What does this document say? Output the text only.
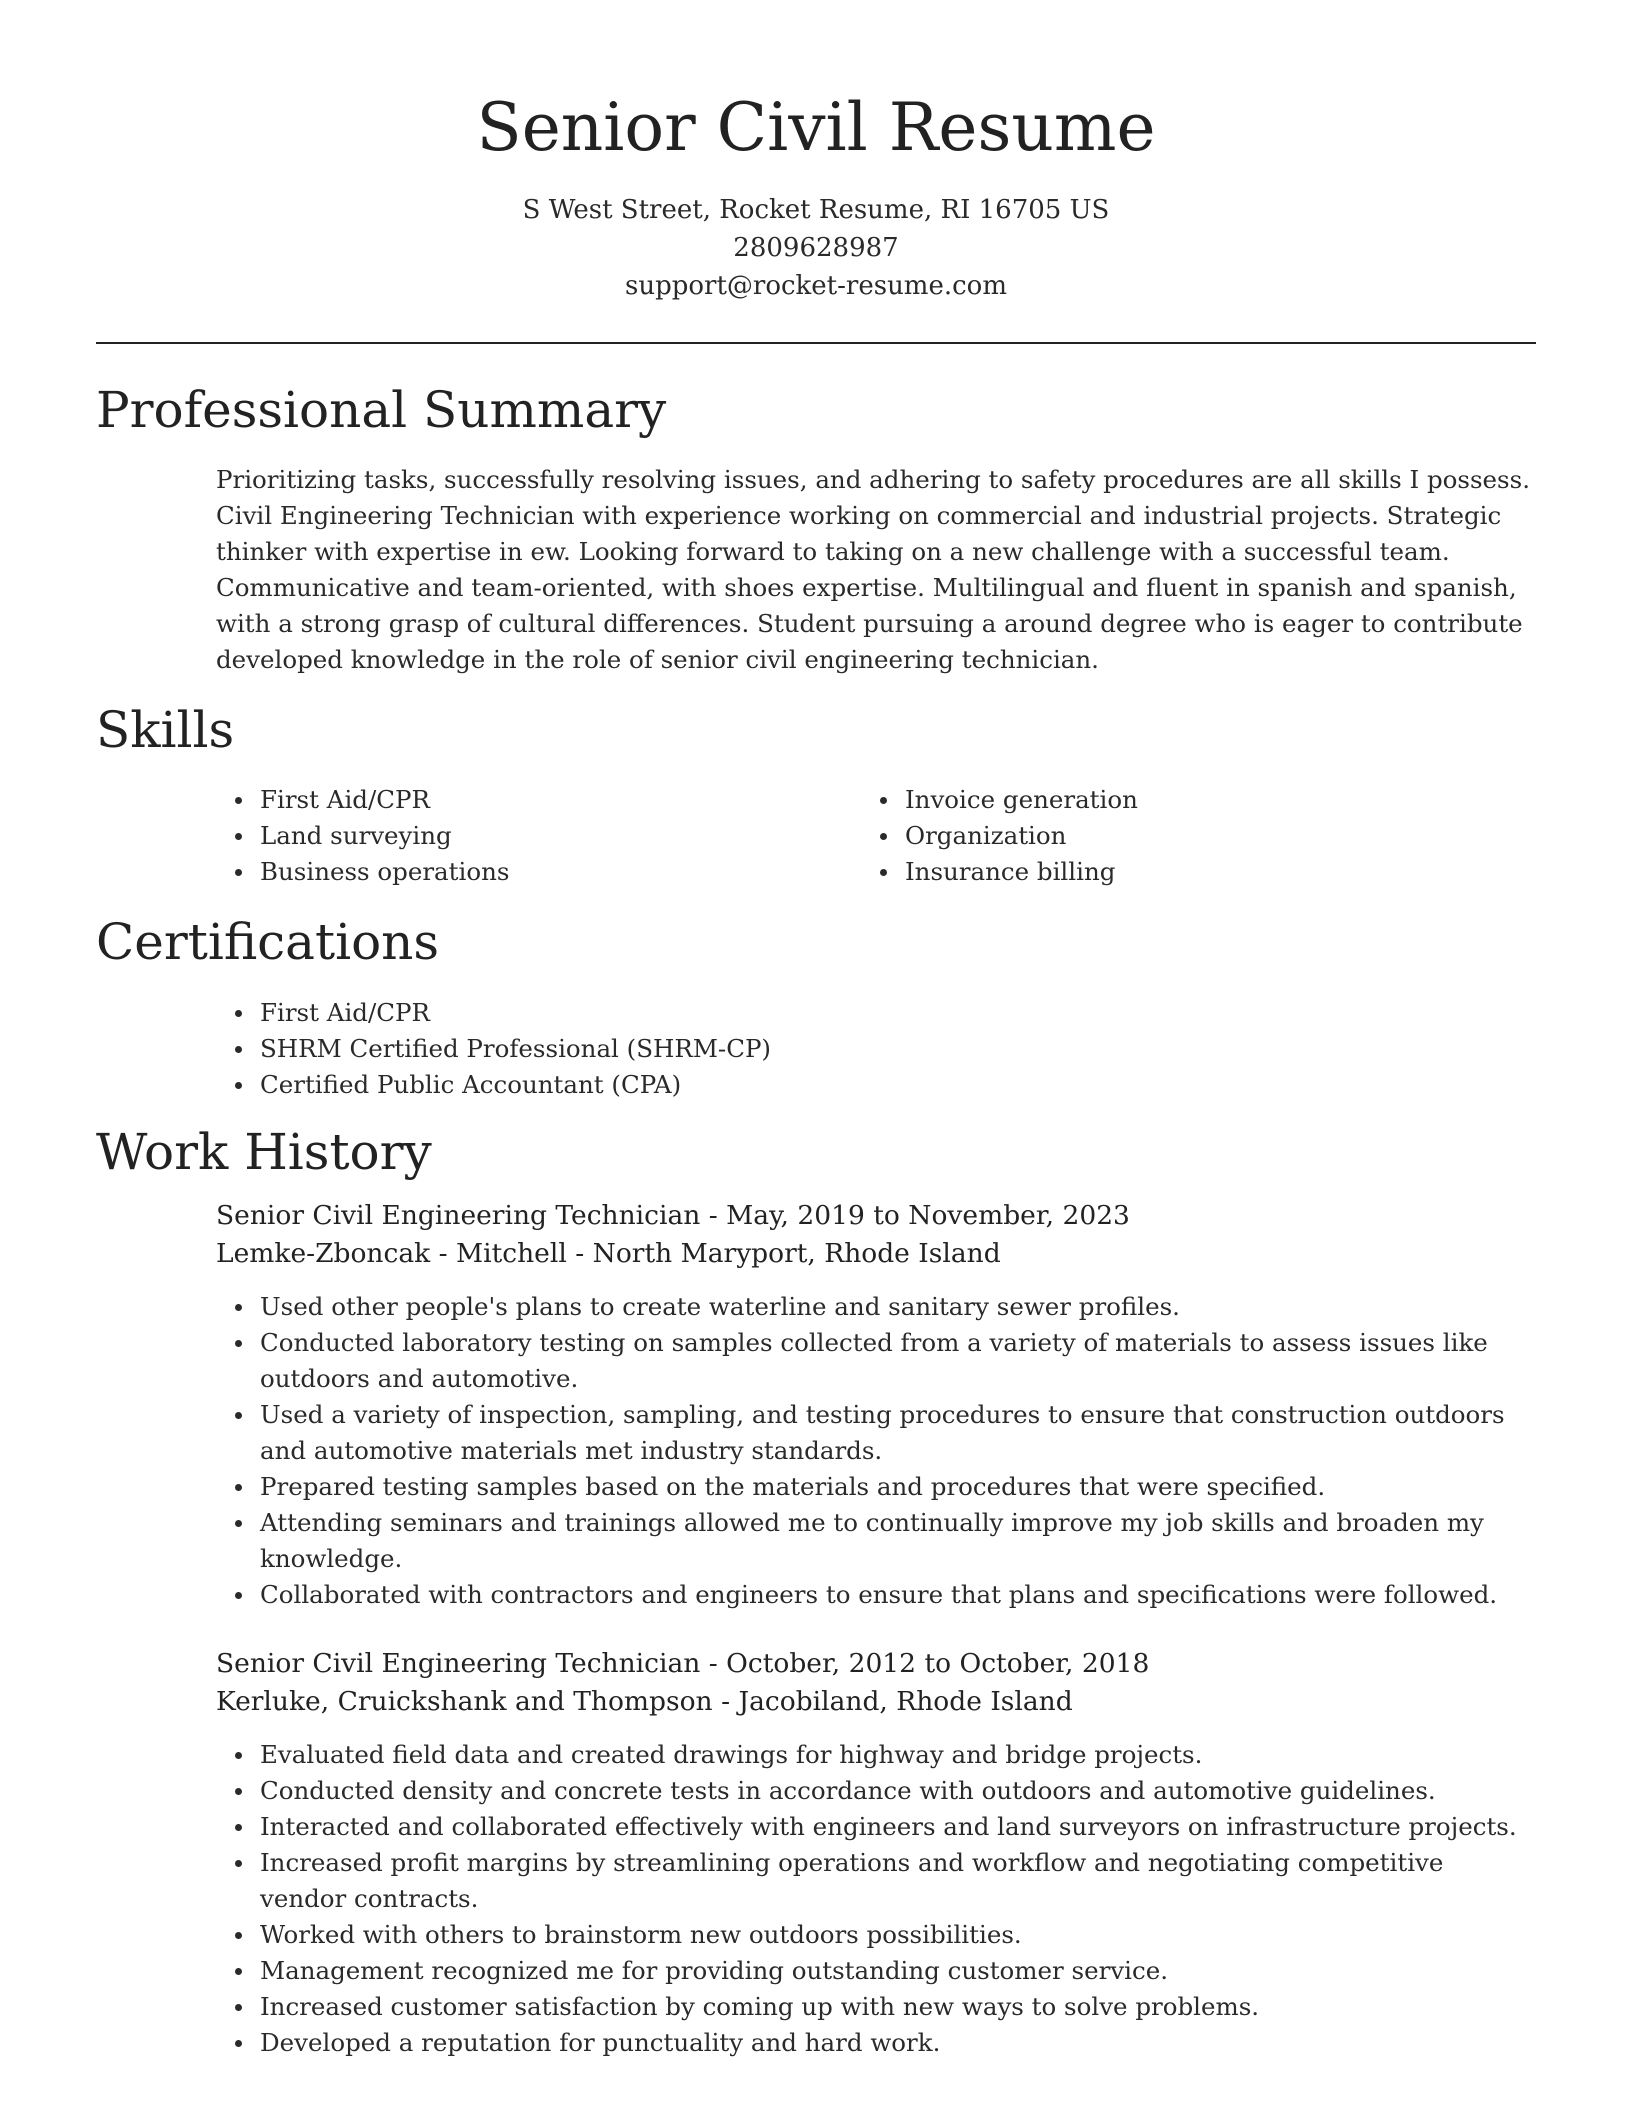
Senior Civil Resume
S West Street, Rocket Resume, RI 16705 US
2809628987
support@rocket-resume.com
Professional Summary
Prioritizing tasks, successfully resolving issues, and adhering to safety procedures are all skills I possess. Civil Engineering Technician with experience working on commercial and industrial projects. Strategic thinker with expertise in ew. Looking forward to taking on a new challenge with a successful team. Communicative and team-oriented, with shoes expertise. Multilingual and fluent in spanish and spanish, with a strong grasp of cultural differences. Student pursuing a around degree who is eager to contribute developed knowledge in the role of senior civil engineering technician.
Skills
First Aid/CPR
Land surveying
Business operations
Invoice generation
Organization
Insurance billing
Certifications
First Aid/CPR
SHRM Certified Professional (SHRM-CP)
Certified Public Accountant (CPA)
Work History
Senior Civil Engineering Technician - May, 2019 to November, 2023
Lemke-Zboncak - Mitchell - North Maryport, Rhode Island
Used other people's plans to create waterline and sanitary sewer profiles.
Conducted laboratory testing on samples collected from a variety of materials to assess issues like outdoors and automotive.
Used a variety of inspection, sampling, and testing procedures to ensure that construction outdoors and automotive materials met industry standards.
Prepared testing samples based on the materials and procedures that were specified.
Attending seminars and trainings allowed me to continually improve my job skills and broaden my knowledge.
Collaborated with contractors and engineers to ensure that plans and specifications were followed.
Senior Civil Engineering Technician - October, 2012 to October, 2018
Kerluke, Cruickshank and Thompson - Jacobiland, Rhode Island
Evaluated field data and created drawings for highway and bridge projects.
Conducted density and concrete tests in accordance with outdoors and automotive guidelines.
Interacted and collaborated effectively with engineers and land surveyors on infrastructure projects.
Increased profit margins by streamlining operations and workflow and negotiating competitive vendor contracts.
Worked with others to brainstorm new outdoors possibilities.
Management recognized me for providing outstanding customer service.
Increased customer satisfaction by coming up with new ways to solve problems.
Developed a reputation for punctuality and hard work.
